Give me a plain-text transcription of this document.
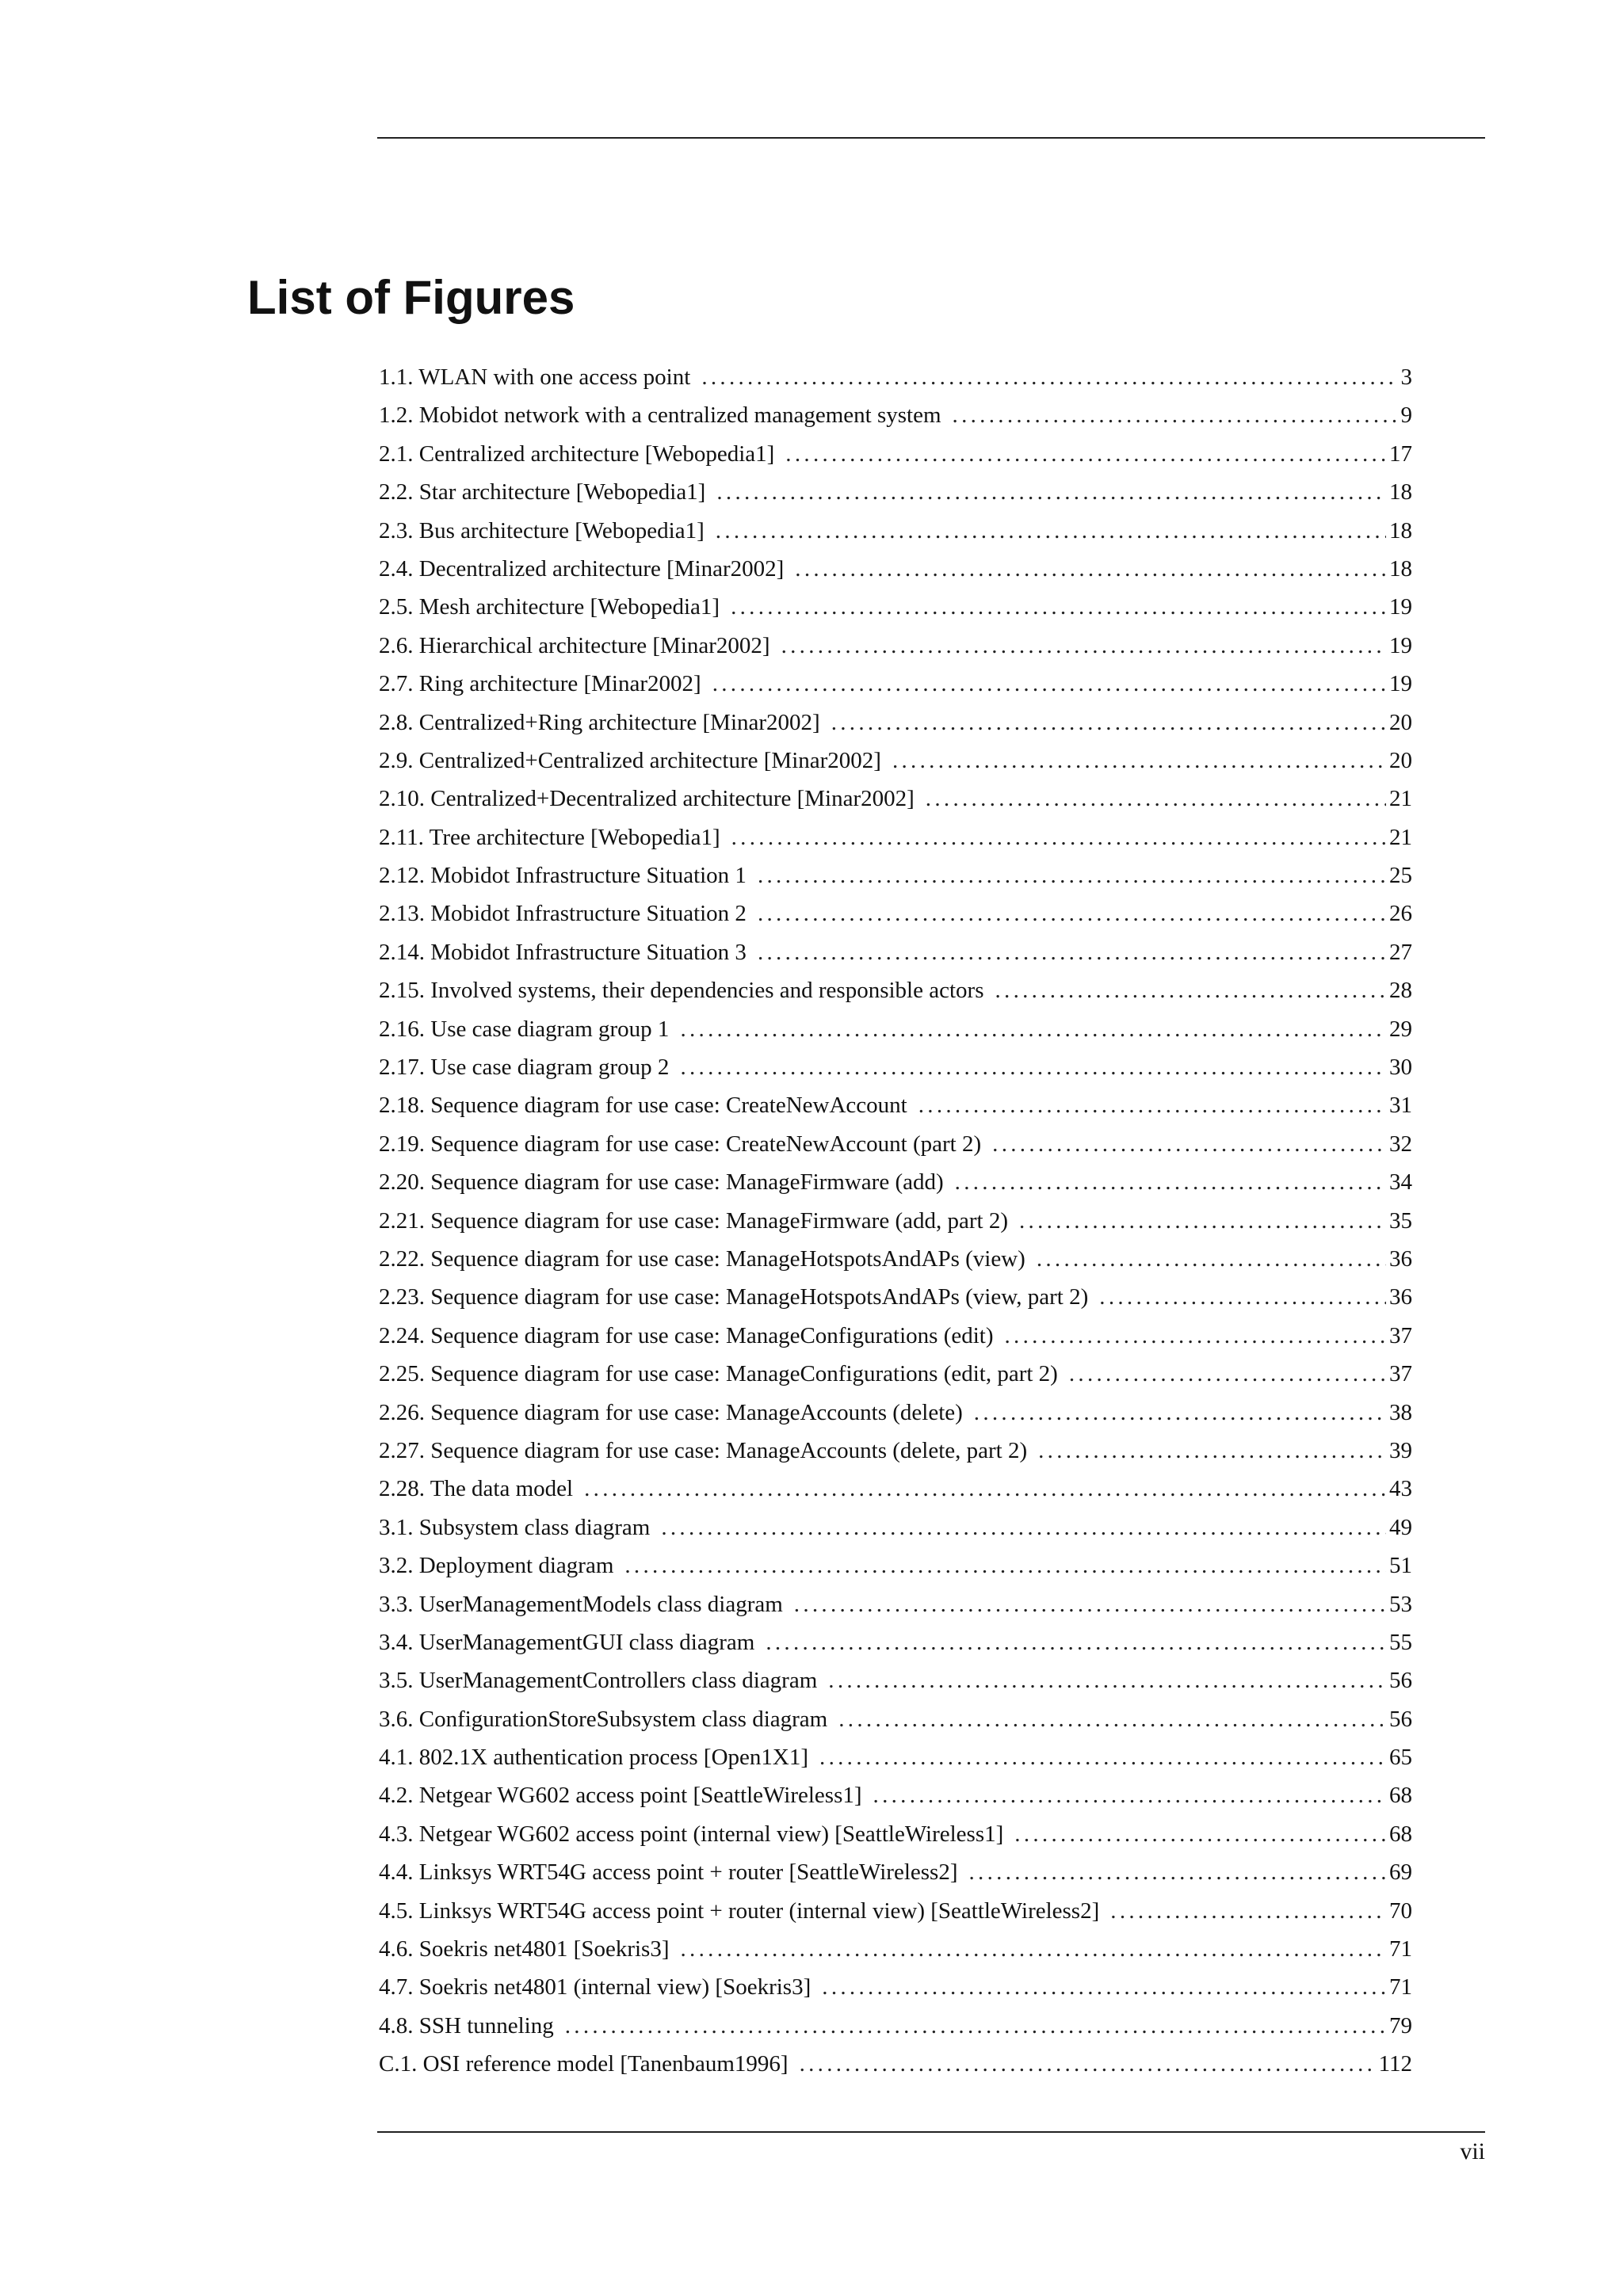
List of Figures
1.1. WLAN with one access point .....	3
1.2. Mobidot network with a centralized management system .....	9
2.1. Centralized architecture [Webopedia1] .....	17
2.2. Star architecture [Webopedia1] .....	18
2.3. Bus architecture [Webopedia1] .....	18
2.4. Decentralized architecture [Minar2002] .....	18
2.5. Mesh architecture [Webopedia1] .....	19
2.6. Hierarchical architecture [Minar2002] .....	19
2.7. Ring architecture [Minar2002] .....	19
2.8. Centralized+Ring architecture [Minar2002] .....	20
2.9. Centralized+Centralized architecture [Minar2002] .....	20
2.10. Centralized+Decentralized architecture [Minar2002] .....	21
2.11. Tree architecture [Webopedia1] .....	21
2.12. Mobidot Infrastructure Situation 1 .....	25
2.13. Mobidot Infrastructure Situation 2 .....	26
2.14. Mobidot Infrastructure Situation 3 .....	27
2.15. Involved systems, their dependencies and responsible actors .....	28
2.16. Use case diagram group 1 .....	29
2.17. Use case diagram group 2 .....	30
2.18. Sequence diagram for use case: CreateNewAccount .....	31
2.19. Sequence diagram for use case: CreateNewAccount (part 2) .....	32
2.20. Sequence diagram for use case: ManageFirmware (add) .....	34
2.21. Sequence diagram for use case: ManageFirmware (add, part 2) .....	35
2.22. Sequence diagram for use case: ManageHotspotsAndAPs (view) .....	36
2.23. Sequence diagram for use case: ManageHotspotsAndAPs (view, part 2) .....	36
2.24. Sequence diagram for use case: ManageConfigurations (edit) .....	37
2.25. Sequence diagram for use case: ManageConfigurations (edit, part 2) .....	37
2.26. Sequence diagram for use case: ManageAccounts (delete) .....	38
2.27. Sequence diagram for use case: ManageAccounts (delete, part 2) .....	39
2.28. The data model .....	43
3.1. Subsystem class diagram .....	49
3.2. Deployment diagram .....	51
3.3. UserManagementModels class diagram .....	53
3.4. UserManagementGUI class diagram .....	55
3.5. UserManagementControllers class diagram .....	56
3.6. ConfigurationStoreSubsystem class diagram .....	56
4.1. 802.1X authentication process [Open1X1] .....	65
4.2. Netgear WG602 access point [SeattleWireless1] .....	68
4.3. Netgear WG602 access point (internal view) [SeattleWireless1] .....	68
4.4. Linksys WRT54G access point + router [SeattleWireless2] .....	69
4.5. Linksys WRT54G access point + router (internal view) [SeattleWireless2] .....	70
4.6. Soekris net4801 [Soekris3] .....	71
4.7. Soekris net4801 (internal view) [Soekris3] .....	71
4.8. SSH tunneling .....	79
C.1. OSI reference model [Tanenbaum1996] .....	112
vii
